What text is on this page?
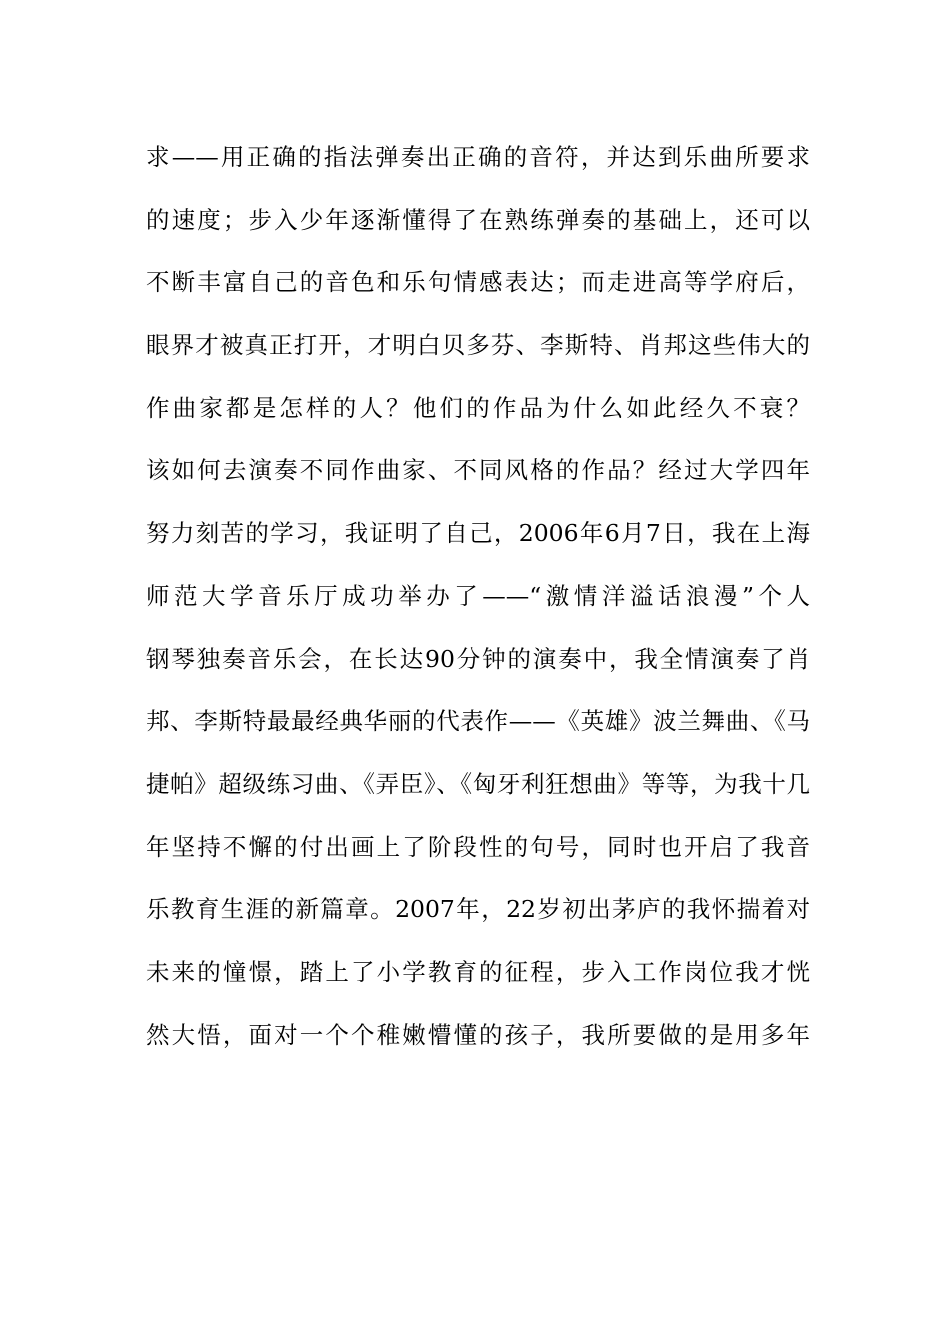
求——用正确的指法弹奏出正确的音符，并达到乐曲所要求
的速度；步入少年逐渐懂得了在熟练弹奏的基础上，还可以
不断丰富自己的音色和乐句情感表达；而走进高等学府后，
眼界才被真正打开，才明白贝多芬、李斯特、肖邦这些伟大的
作曲家都是怎样的人？他们的作品为什么如此经久不衰？
该如何去演奏不同作曲家、不同风格的作品？经过大学四年
努力刻苦的学习，我证明了自己，2006年6月7日，我在上海
师范大学音乐厅成功举办了——“激情洋溢话浪漫”个人
钢琴独奏音乐会，在长达90分钟的演奏中，我全情演奏了肖
邦、李斯特最最经典华丽的代表作——《英雄》波兰舞曲、《马
捷帕》超级练习曲、《弄臣》、《匈牙利狂想曲》等等，为我十几
年坚持不懈的付出画上了阶段性的句号，同时也开启了我音
乐教育生涯的新篇章。2007年，22岁初出茅庐的我怀揣着对
未来的憧憬，踏上了小学教育的征程，步入工作岗位我才恍
然大悟，面对一个个稚嫩懵懂的孩子，我所要做的是用多年
